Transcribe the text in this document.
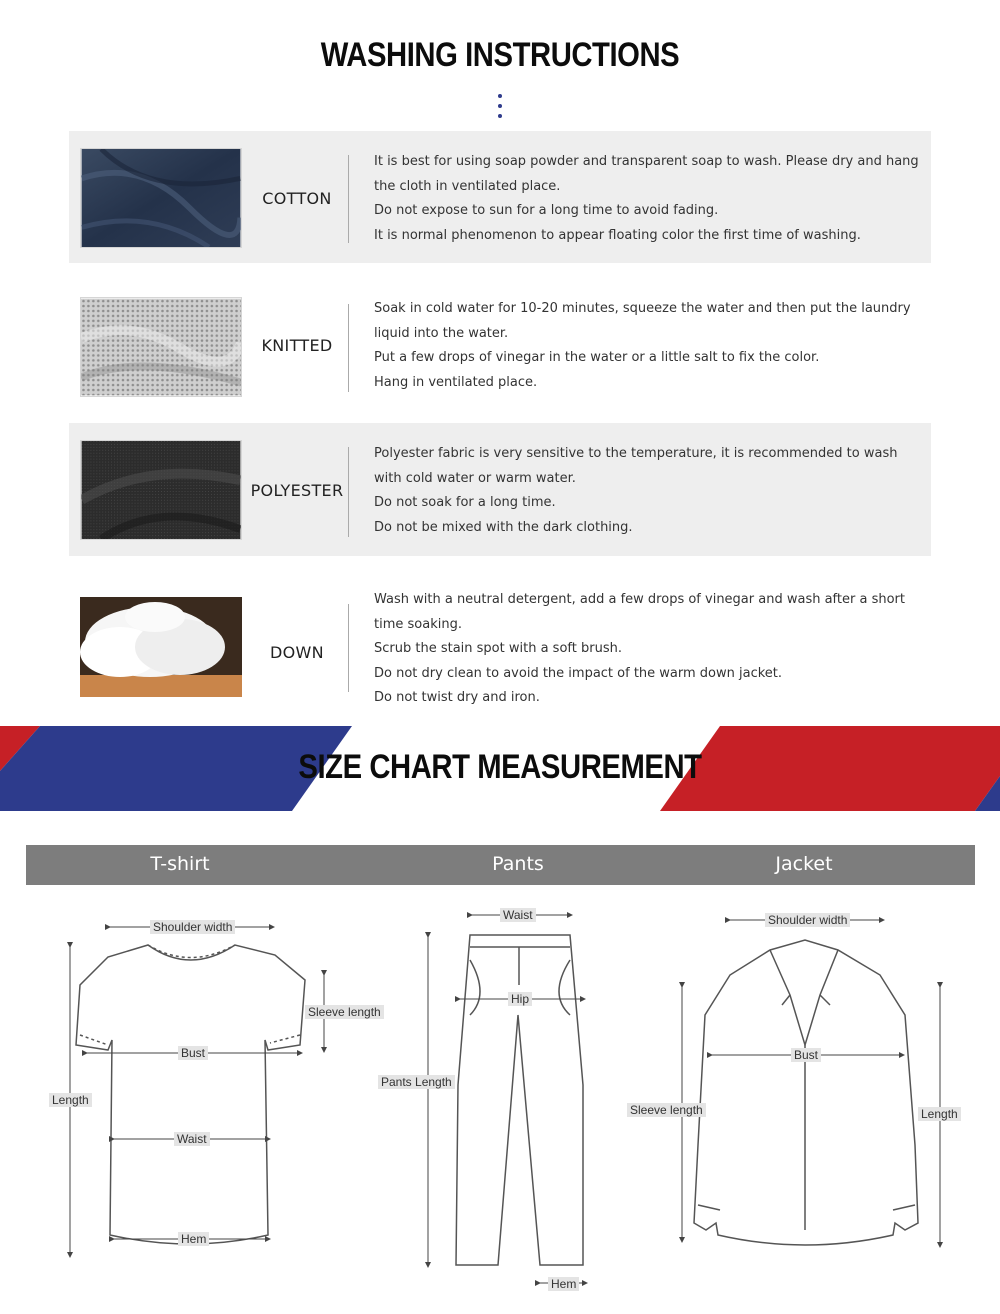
WASHING INSTRUCTIONS
COTTON

It is best for using soap powder and transparent soap to wash. Please dry and hang the cloth in ventilated place.

Do not expose to sun for a long time to avoid fading.

It is normal phenomenon to appear floating color the first time of washing.

KNITTED

Soak in cold water for 10-20 minutes, squeeze the water and then put the laundry liquid into the water.

Put a few drops of vinegar in the water or a little salt to fix the color.

Hang in ventilated place.

POLYESTER

Polyester fabric is very sensitive to the temperature, it is recommended to wash with cold water or warm water.

Do not soak for a long time.

Do not be mixed with the dark clothing.

DOWN

Wash with a neutral detergent, add a few drops of vinegar and wash after a short time soaking.

Scrub the stain spot with a soft brush.

Do not dry clean to avoid the impact of the warm down jacket.

Do not twist dry and iron.

SIZE CHART MEASUREMENT
T-shirt	Pants	Jacket
Shoulder width
Sleeve length
Bust
Length
Waist
Hem
Waist
Hip
Pants Length
Hem
Shoulder width
Bust
Sleeve length	Length
